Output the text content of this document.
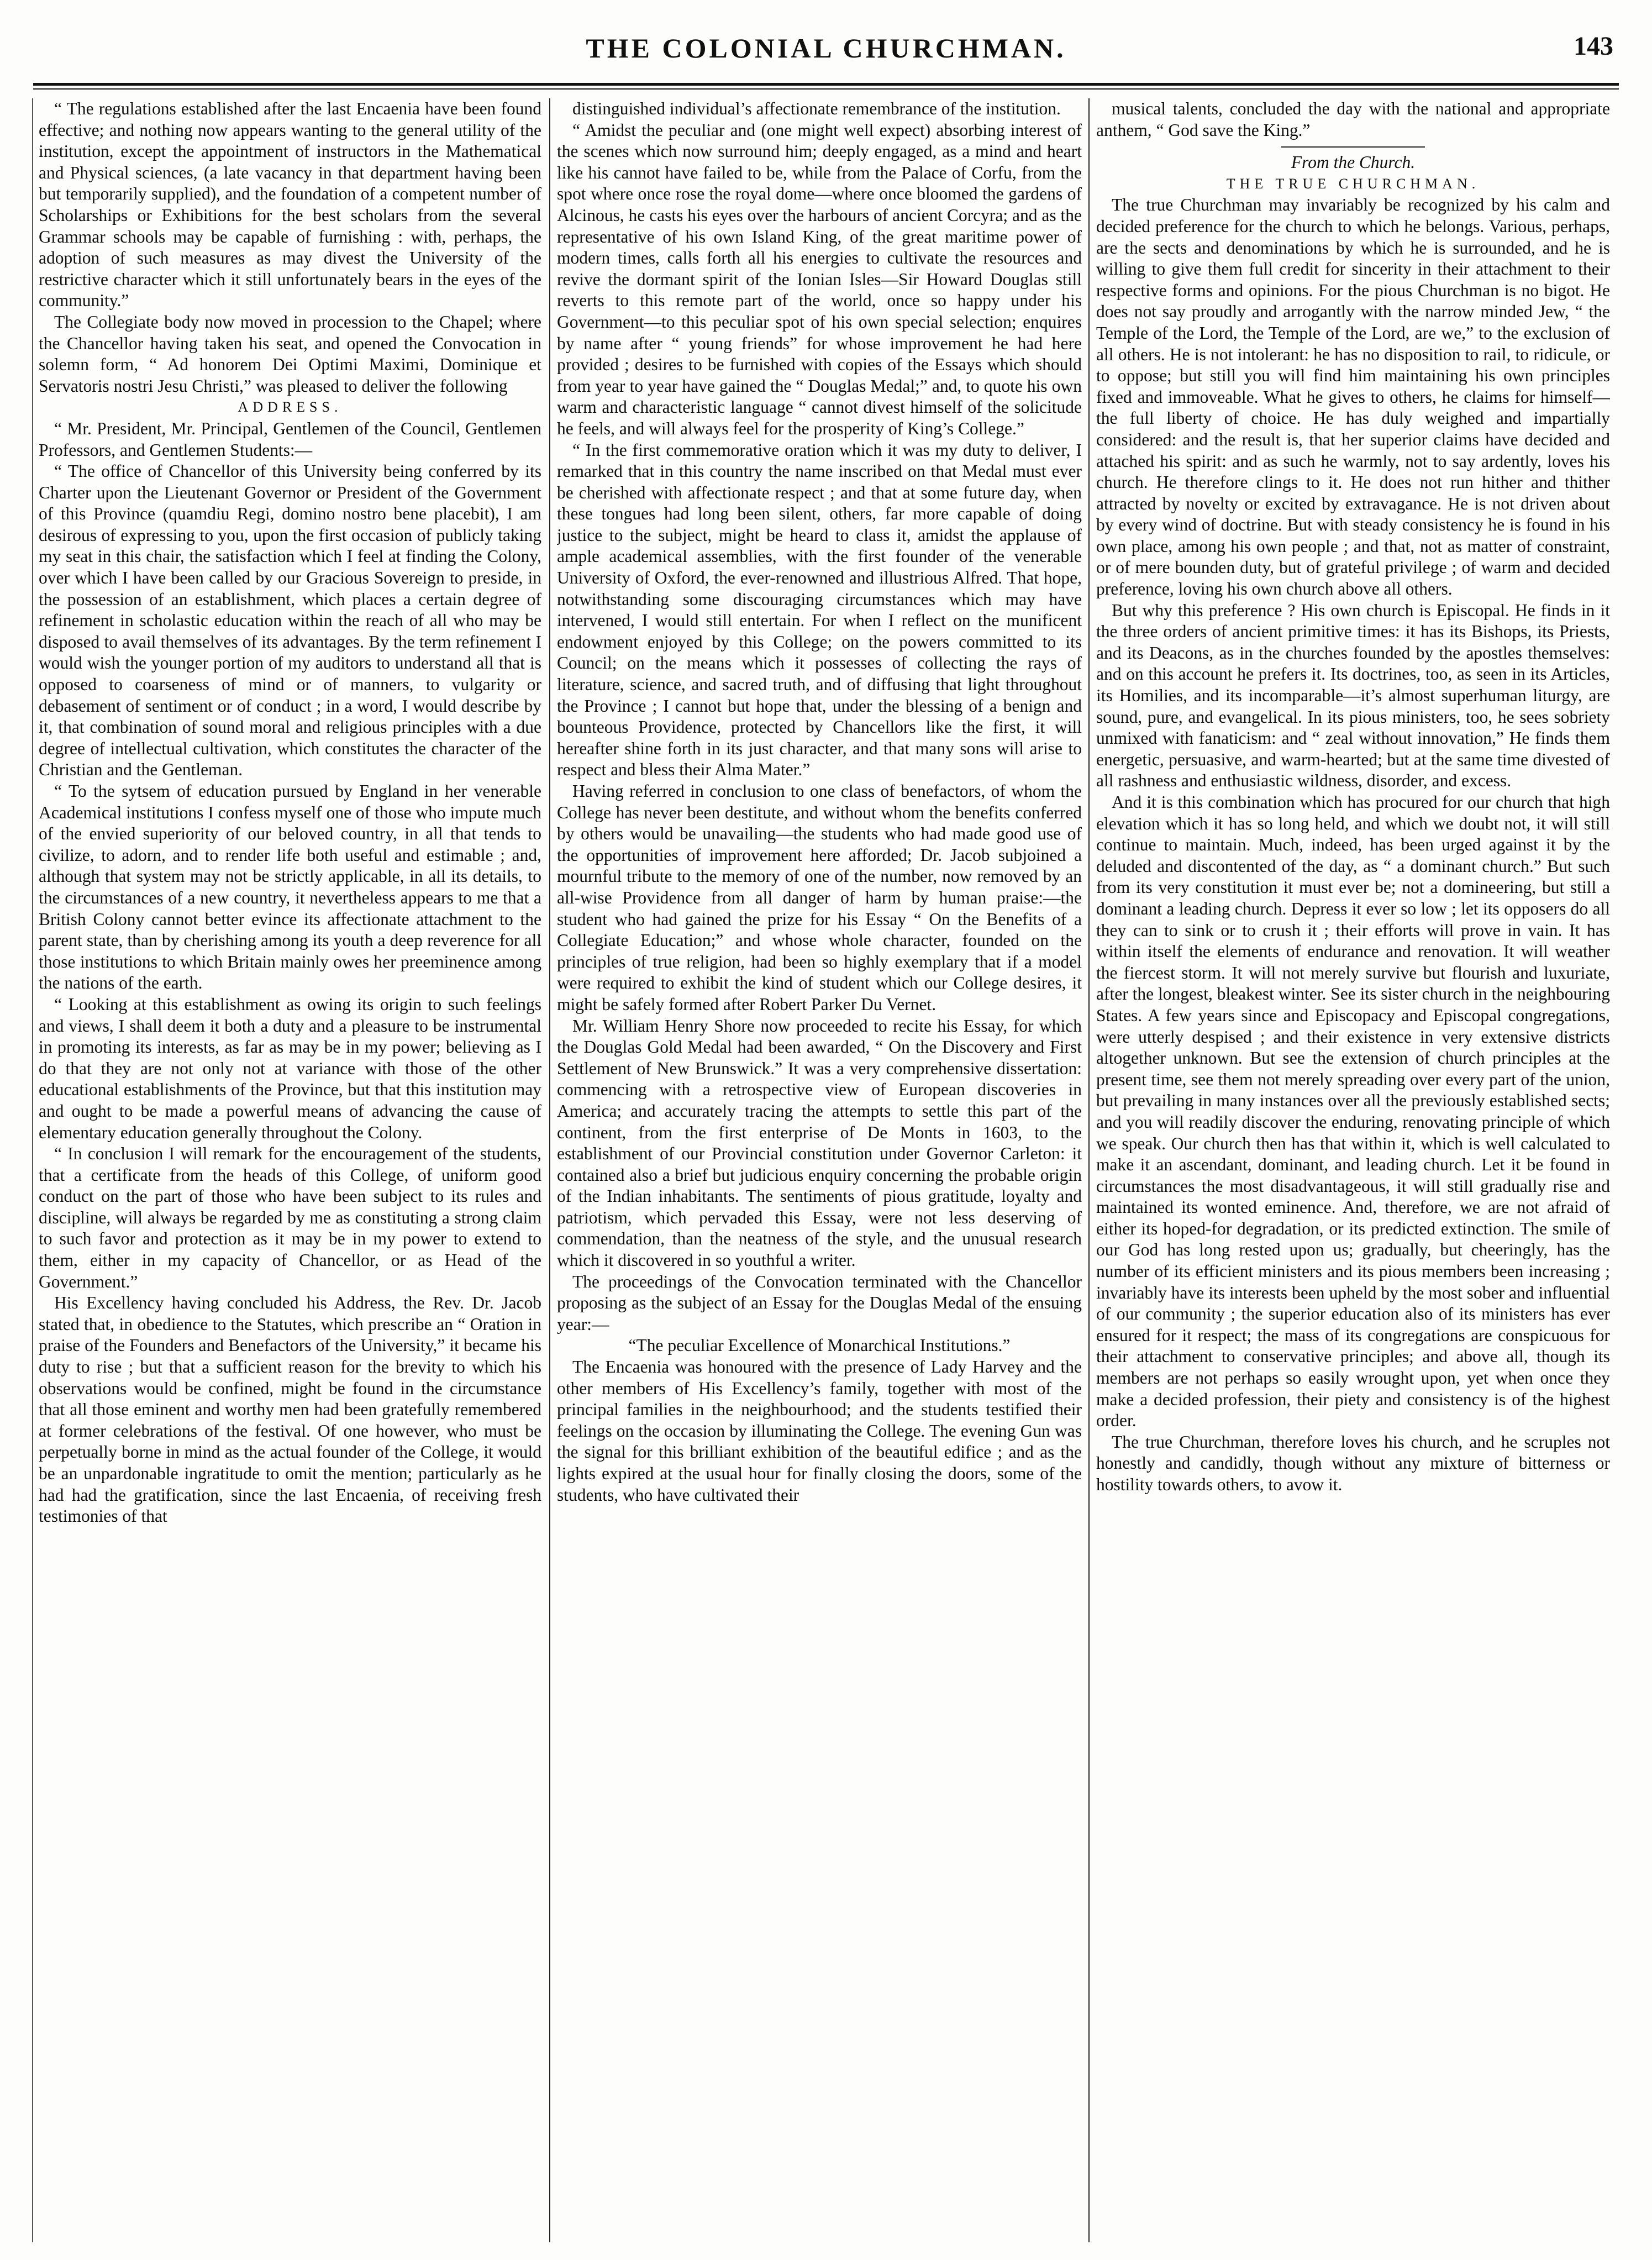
THE COLONIAL CHURCHMAN.	143

“ The regulations established after the last Encaenia have been found effective; and nothing now appears wanting to the general utility of the institution, except the appointment of instructors in the Mathematical and Physical sciences, (a late vacancy in that department having been but temporarily supplied), and the foundation of a competent number of Scholarships or Exhibitions for the best scholars from the several Grammar schools may be capable of furnishing : with, perhaps, the adoption of such measures as may divest the University of the restrictive character which it still unfortunately bears in the eyes of the community.”

The Collegiate body now moved in procession to the Chapel; where the Chancellor having taken his seat, and opened the Convocation in solemn form, “ Ad honorem Dei Optimi Maximi, Dominique et Servatoris nostri Jesu Christi,” was pleased to deliver the following

ADDRESS.

“ Mr. President, Mr. Principal, Gentlemen of the Council, Gentlemen Professors, and Gentlemen Students:—

“ The office of Chancellor of this University being conferred by its Charter upon the Lieutenant Governor or President of the Government of this Province (quamdiu Regi, domino nostro bene placebit), I am desirous of expressing to you, upon the first occasion of publicly taking my seat in this chair, the satisfaction which I feel at finding the Colony, over which I have been called by our Gracious Sovereign to preside, in the possession of an establishment, which places a certain degree of refinement in scholastic education within the reach of all who may be disposed to avail themselves of its advantages. By the term refinement I would wish the younger portion of my auditors to understand all that is opposed to coarseness of mind or of manners, to vulgarity or debasement of sentiment or of conduct ; in a word, I would describe by it, that combination of sound moral and religious principles with a due degree of intellectual cultivation, which constitutes the character of the Christian and the Gentleman.

“ To the sytsem of education pursued by England in her venerable Academical institutions I confess myself one of those who impute much of the envied superiority of our beloved country, in all that tends to civilize, to adorn, and to render life both useful and estimable ; and, although that system may not be strictly applicable, in all its details, to the circumstances of a new country, it nevertheless appears to me that a British Colony cannot better evince its affectionate attachment to the parent state, than by cherishing among its youth a deep reverence for all those institutions to which Britain mainly owes her preeminence among the nations of the earth.

“ Looking at this establishment as owing its origin to such feelings and views, I shall deem it both a duty and a pleasure to be instrumental in promoting its interests, as far as may be in my power; believing as I do that they are not only not at variance with those of the other educational establishments of the Province, but that this institution may and ought to be made a powerful means of advancing the cause of elementary education generally throughout the Colony.

“ In conclusion I will remark for the encouragement of the students, that a certificate from the heads of this College, of uniform good conduct on the part of those who have been subject to its rules and discipline, will always be regarded by me as constituting a strong claim to such favor and protection as it may be in my power to extend to them, either in my capacity of Chancellor, or as Head of the Government.”

His Excellency having concluded his Address, the Rev. Dr. Jacob stated that, in obedience to the Statutes, which prescribe an “ Oration in praise of the Founders and Benefactors of the University,” it became his duty to rise ; but that a sufficient reason for the brevity to which his observations would be confined, might be found in the circumstance that all those eminent and worthy men had been gratefully remembered at former celebrations of the festival. Of one however, who must be perpetually borne in mind as the actual founder of the College, it would be an unpardonable ingratitude to omit the mention; particularly as he had had the gratification, since the last Encaenia, of receiving fresh testimonies of that

distinguished individual’s affectionate remembrance of the institution.

“ Amidst the peculiar and (one might well expect) absorbing interest of the scenes which now surround him; deeply engaged, as a mind and heart like his cannot have failed to be, while from the Palace of Corfu, from the spot where once rose the royal dome—where once bloomed the gardens of Alcinous, he casts his eyes over the harbours of ancient Corcyra; and as the representative of his own Island King, of the great maritime power of modern times, calls forth all his energies to cultivate the resources and revive the dormant spirit of the Ionian Isles—Sir Howard Douglas still reverts to this remote part of the world, once so happy under his Government—to this peculiar spot of his own special selection; enquires by name after “ young friends” for whose improvement he had here provided ; desires to be furnished with copies of the Essays which should from year to year have gained the “ Douglas Medal;” and, to quote his own warm and characteristic language “ cannot divest himself of the solicitude he feels, and will always feel for the prosperity of King’s College.”

“ In the first commemorative oration which it was my duty to deliver, I remarked that in this country the name inscribed on that Medal must ever be cherished with affectionate respect ; and that at some future day, when these tongues had long been silent, others, far more capable of doing justice to the subject, might be heard to class it, amidst the applause of ample academical assemblies, with the first founder of the venerable University of Oxford, the ever-renowned and illustrious Alfred. That hope, notwithstanding some discouraging circumstances which may have intervened, I would still entertain. For when I reflect on the munificent endowment enjoyed by this College; on the powers committed to its Council; on the means which it possesses of collecting the rays of literature, science, and sacred truth, and of diffusing that light throughout the Province ; I cannot but hope that, under the blessing of a benign and bounteous Providence, protected by Chancellors like the first, it will hereafter shine forth in its just character, and that many sons will arise to respect and bless their Alma Mater.”

Having referred in conclusion to one class of benefactors, of whom the College has never been destitute, and without whom the benefits conferred by others would be unavailing—the students who had made good use of the opportunities of improvement here afforded; Dr. Jacob subjoined a mournful tribute to the memory of one of the number, now removed by an all-wise Providence from all danger of harm by human praise:—the student who had gained the prize for his Essay “ On the Benefits of a Collegiate Education;” and whose whole character, founded on the principles of true religion, had been so highly exemplary that if a model were required to exhibit the kind of student which our College desires, it might be safely formed after Robert Parker Du Vernet.

Mr. William Henry Shore now proceeded to recite his Essay, for which the Douglas Gold Medal had been awarded, “ On the Discovery and First Settlement of New Brunswick.” It was a very comprehensive dissertation: commencing with a retrospective view of European discoveries in America; and accurately tracing the attempts to settle this part of the continent, from the first enterprise of De Monts in 1603, to the establishment of our Provincial constitution under Governor Carleton: it contained also a brief but judicious enquiry concerning the probable origin of the Indian inhabitants. The sentiments of pious gratitude, loyalty and patriotism, which pervaded this Essay, were not less deserving of commendation, than the neatness of the style, and the unusual research which it discovered in so youthful a writer.

The proceedings of the Convocation terminated with the Chancellor proposing as the subject of an Essay for the Douglas Medal of the ensuing year:—

“The peculiar Excellence of Monarchical Institutions.”

The Encaenia was honoured with the presence of Lady Harvey and the other members of His Excellency’s family, together with most of the principal families in the neighbourhood; and the students testified their feelings on the occasion by illuminating the College. The evening Gun was the signal for this brilliant exhibition of the beautiful edifice ; and as the lights expired at the usual hour for finally closing the doors, some of the students, who have cultivated their

musical talents, concluded the day with the national and appropriate anthem, “ God save the King.”

From the Church.

THE TRUE CHURCHMAN.

The true Churchman may invariably be recognized by his calm and decided preference for the church to which he belongs. Various, perhaps, are the sects and denominations by which he is surrounded, and he is willing to give them full credit for sincerity in their attachment to their respective forms and opinions. For the pious Churchman is no bigot. He does not say proudly and arrogantly with the narrow minded Jew, “ the Temple of the Lord, the Temple of the Lord, are we,” to the exclusion of all others. He is not intolerant: he has no disposition to rail, to ridicule, or to oppose; but still you will find him maintaining his own principles fixed and immoveable. What he gives to others, he claims for himself—the full liberty of choice. He has duly weighed and impartially considered: and the result is, that her superior claims have decided and attached his spirit: and as such he warmly, not to say ardently, loves his church. He therefore clings to it. He does not run hither and thither attracted by novelty or excited by extravagance. He is not driven about by every wind of doctrine. But with steady consistency he is found in his own place, among his own people ; and that, not as matter of constraint, or of mere bounden duty, but of grateful privilege ; of warm and decided preference, loving his own church above all others.

But why this preference ? His own church is Episcopal. He finds in it the three orders of ancient primitive times: it has its Bishops, its Priests, and its Deacons, as in the churches founded by the apostles themselves: and on this account he prefers it. Its doctrines, too, as seen in its Articles, its Homilies, and its incomparable—it’s almost superhuman liturgy, are sound, pure, and evangelical. In its pious ministers, too, he sees sobriety unmixed with fanaticism: and “ zeal without innovation,” He finds them energetic, persuasive, and warm-hearted; but at the same time divested of all rashness and enthusiastic wildness, disorder, and excess.

And it is this combination which has procured for our church that high elevation which it has so long held, and which we doubt not, it will still continue to maintain. Much, indeed, has been urged against it by the deluded and discontented of the day, as “ a dominant church.” But such from its very constitution it must ever be; not a domineering, but still a dominant a leading church. Depress it ever so low ; let its opposers do all they can to sink or to crush it ; their efforts will prove in vain. It has within itself the elements of endurance and renovation. It will weather the fiercest storm. It will not merely survive but flourish and luxuriate, after the longest, bleakest winter. See its sister church in the neighbouring States. A few years since and Episcopacy and Episcopal congregations, were utterly despised ; and their existence in very extensive districts altogether unknown. But see the extension of church principles at the present time, see them not merely spreading over every part of the union, but prevailing in many instances over all the previously established sects; and you will readily discover the enduring, renovating principle of which we speak. Our church then has that within it, which is well calculated to make it an ascendant, dominant, and leading church. Let it be found in circumstances the most disadvantageous, it will still gradually rise and maintained its wonted eminence. And, therefore, we are not afraid of either its hoped-for degradation, or its predicted extinction. The smile of our God has long rested upon us; gradually, but cheeringly, has the number of its efficient ministers and its pious members been increasing ; invariably have its interests been upheld by the most sober and influential of our community ; the superior education also of its ministers has ever ensured for it respect; the mass of its congregations are conspicuous for their attachment to conservative principles; and above all, though its members are not perhaps so easily wrought upon, yet when once they make a decided profession, their piety and consistency is of the highest order.

The true Churchman, therefore loves his church, and he scruples not honestly and candidly, though without any mixture of bitterness or hostility towards others, to avow it.
